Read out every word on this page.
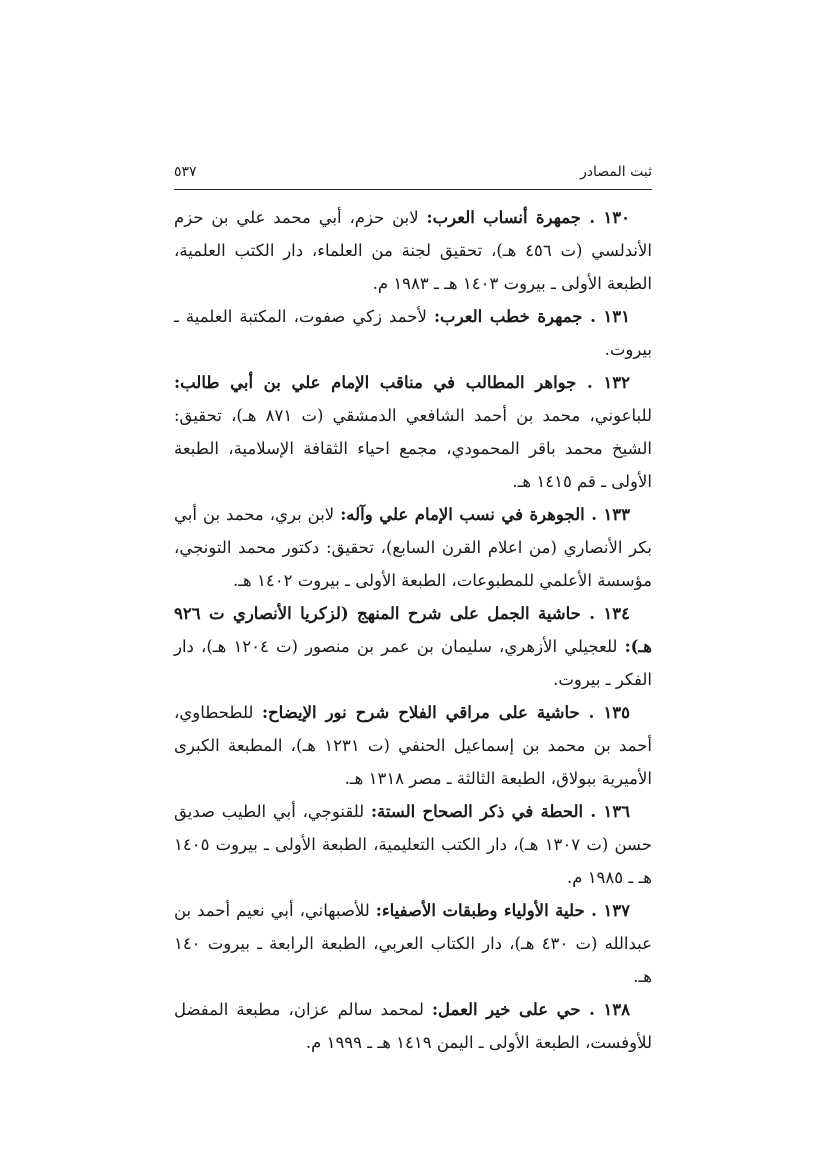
ثبت المصادر
٥٣٧

١٣٠ . جمهرة أنساب العرب: لابن حزم، أبي محمد علي بن حزم الأندلسي (ت ٤٥٦ هـ)، تحقيق لجنة من العلماء، دار الكتب العلمية، الطبعة الأولى ـ بيروت ١٤٠٣ هـ ـ ١٩٨٣ م.

١٣١ . جمهرة خطب العرب: لأحمد زكي صفوت، المكتبة العلمية ـ بيروت.

١٣٢ . جواهر المطالب في مناقب الإمام علي بن أبي طالب: للباعوني، محمد بن أحمد الشافعي الدمشقي (ت ٨٧١ هـ)، تحقيق: الشيخ محمد باقر المحمودي، مجمع احياء الثقافة الإسلامية، الطبعة الأولى ـ قم ١٤١٥ هـ.

١٣٣ . الجوهرة في نسب الإمام علي وآله: لابن بري، محمد بن أبي بكر الأنصاري (من اعلام القرن السابع)، تحقيق: دكتور محمد التونجي، مؤسسة الأعلمي للمطبوعات، الطبعة الأولى ـ بيروت ١٤٠٢ هـ.

١٣٤ . حاشية الجمل على شرح المنهج (لزكريا الأنصاري ت ٩٢٦ هـ): للعجيلي الأزهري، سليمان بن عمر بن منصور (ت ١٢٠٤ هـ)، دار الفكر ـ بيروت.

١٣٥ . حاشية على مراقي الفلاح شرح نور الإيضاح: للطحطاوي، أحمد بن محمد بن إسماعيل الحنفي (ت ١٢٣١ هـ)، المطبعة الكبرى الأميرية ببولاق، الطبعة الثالثة ـ مصر ١٣١٨ هـ.

١٣٦ . الحطة في ذكر الصحاح الستة: للقنوجي، أبي الطيب صديق حسن (ت ١٣٠٧ هـ)، دار الكتب التعليمية، الطبعة الأولى ـ بيروت ١٤٠٥ هـ ـ ١٩٨٥ م.

١٣٧ . حلية الأولياء وطبقات الأصفياء: للأصبهاني، أبي نعيم أحمد بن عبدالله (ت ٤٣٠ هـ)، دار الكتاب العربي، الطبعة الرابعة ـ بيروت ١٤٠ هـ.

١٣٨ . حي على خير العمل: لمحمد سالم عزان، مطبعة المفضل للأوفست، الطبعة الأولى ـ اليمن ١٤١٩ هـ ـ ١٩٩٩ م.
